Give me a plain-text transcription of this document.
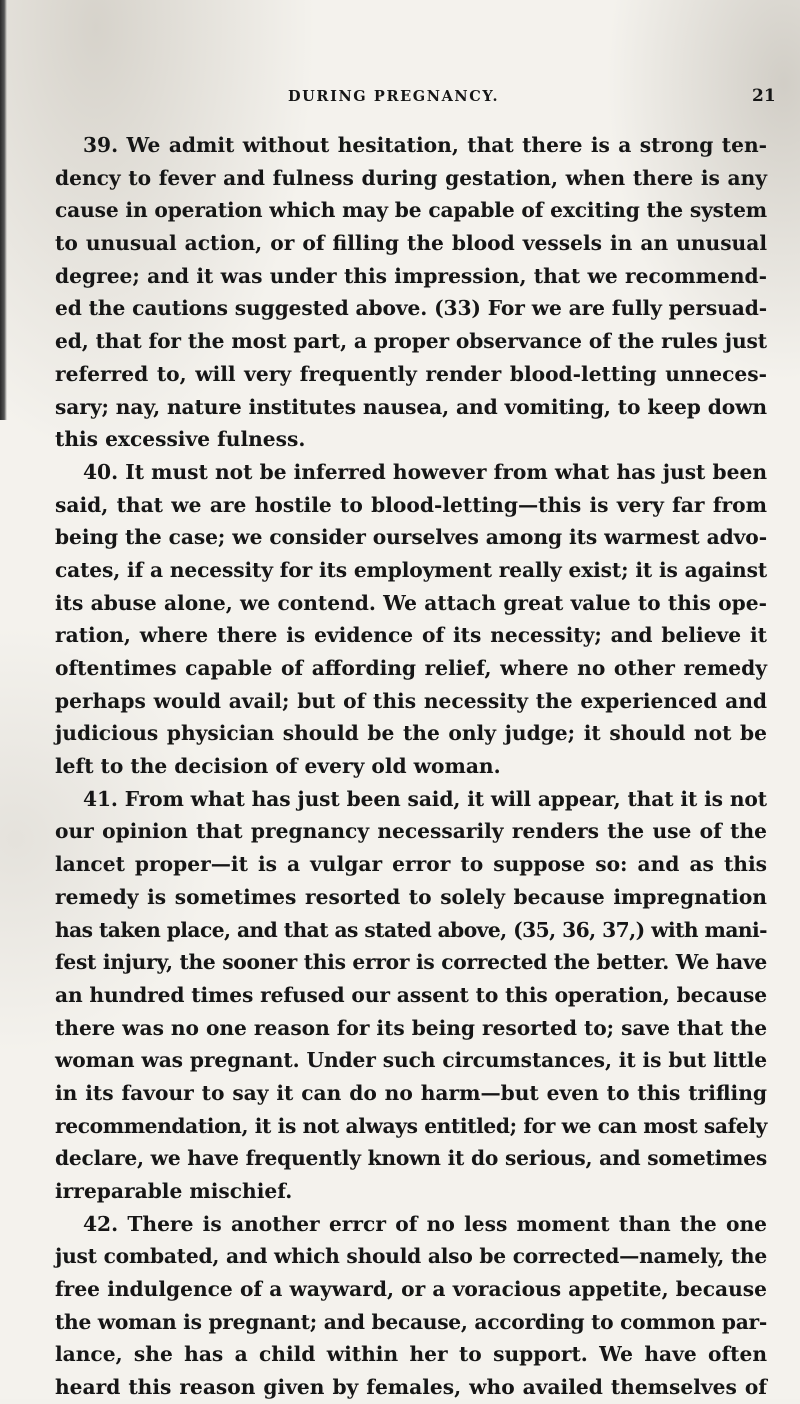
DURING PREGNANCY.	21
39. We admit without hesitation, that there is a strong ten-
dency to fever and fulness during gestation, when there is any
cause in operation which may be capable of exciting the system
to unusual action, or of filling the blood vessels in an unusual
degree; and it was under this impression, that we recommend-
ed the cautions suggested above. (33) For we are fully persuad-
ed, that for the most part, a proper observance of the rules just
referred to, will very frequently render blood-letting unneces-
sary; nay, nature institutes nausea, and vomiting, to keep down
this excessive fulness.
40. It must not be inferred however from what has just been
said, that we are hostile to blood-letting—this is very far from
being the case; we consider ourselves among its warmest advo-
cates, if a necessity for its employment really exist; it is against
its abuse alone, we contend. We attach great value to this ope-
ration, where there is evidence of its necessity; and believe it
oftentimes capable of affording relief, where no other remedy
perhaps would avail; but of this necessity the experienced and
judicious physician should be the only judge; it should not be
left to the decision of every old woman.
41. From what has just been said, it will appear, that it is not
our opinion that pregnancy necessarily renders the use of the
lancet proper—it is a vulgar error to suppose so: and as this
remedy is sometimes resorted to solely because impregnation
has taken place, and that as stated above, (35, 36, 37,) with mani-
fest injury, the sooner this error is corrected the better. We have
an hundred times refused our assent to this operation, because
there was no one reason for its being resorted to; save that the
woman was pregnant. Under such circumstances, it is but little
in its favour to say it can do no harm—but even to this trifling
recommendation, it is not always entitled; for we can most safely
declare, we have frequently known it do serious, and sometimes
irreparable mischief.
42. There is another errcr of no less moment than the one
just combated, and which should also be corrected—namely, the
free indulgence of a wayward, or a voracious appetite, because
the woman is pregnant; and because, according to common par-
lance, she has a child within her to support. We have often
heard this reason given by females, who availed themselves of
